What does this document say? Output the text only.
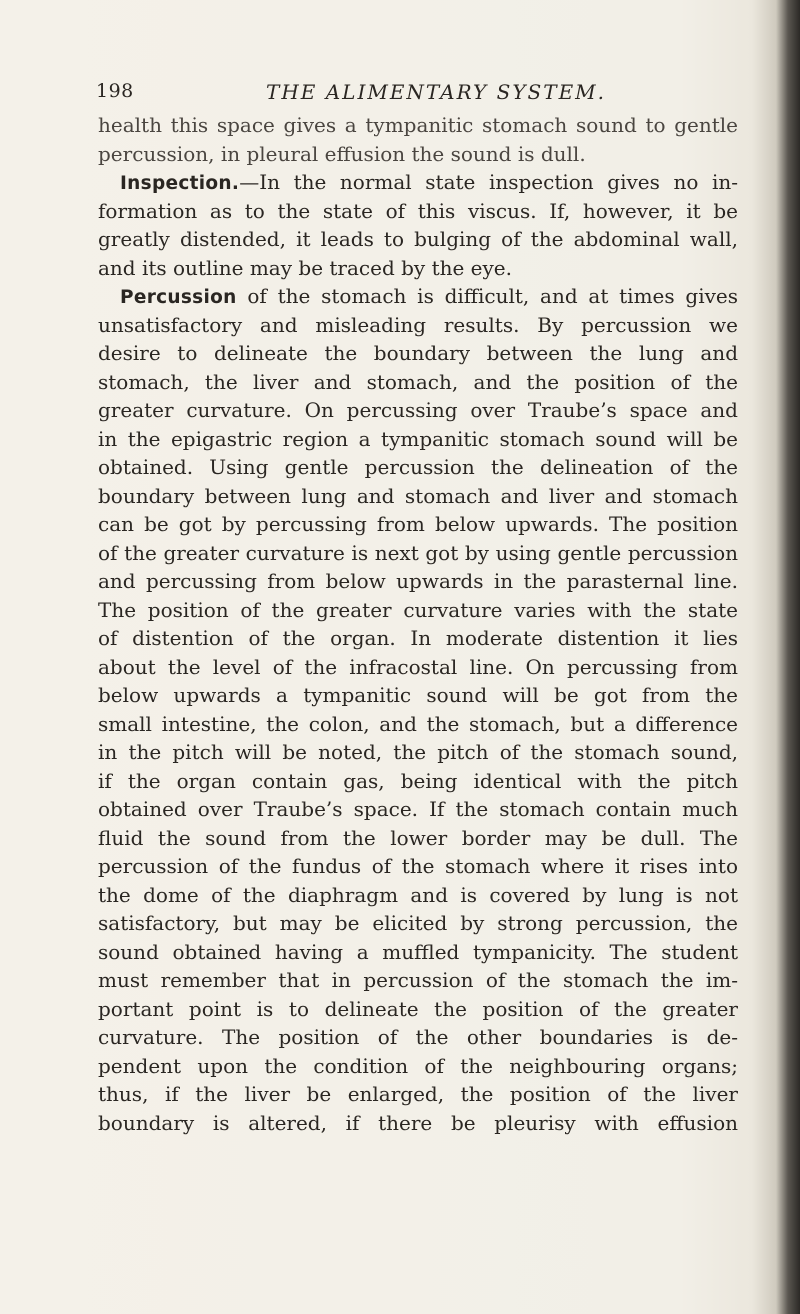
198	THE ALIMENTARY SYSTEM.
health this space gives a tympanitic stomach sound to gentle
percussion, in pleural effusion the sound is dull.
Inspection.—In the normal state inspection gives no in-
formation as to the state of this viscus. If, however, it be
greatly distended, it leads to bulging of the abdominal wall,
and its outline may be traced by the eye.
Percussion of the stomach is difficult, and at times gives
unsatisfactory and misleading results. By percussion we
desire to delineate the boundary between the lung and
stomach, the liver and stomach, and the position of the
greater curvature. On percussing over Traube’s space and
in the epigastric region a tympanitic stomach sound will be
obtained. Using gentle percussion the delineation of the
boundary between lung and stomach and liver and stomach
can be got by percussing from below upwards. The position
of the greater curvature is next got by using gentle percussion
and percussing from below upwards in the parasternal line.
The position of the greater curvature varies with the state
of distention of the organ. In moderate distention it lies
about the level of the infracostal line. On percussing from
below upwards a tympanitic sound will be got from the
small intestine, the colon, and the stomach, but a difference
in the pitch will be noted, the pitch of the stomach sound,
if the organ contain gas, being identical with the pitch
obtained over Traube’s space. If the stomach contain much
fluid the sound from the lower border may be dull. The
percussion of the fundus of the stomach where it rises into
the dome of the diaphragm and is covered by lung is not
satisfactory, but may be elicited by strong percussion, the
sound obtained having a muffled tympanicity. The student
must remember that in percussion of the stomach the im-
portant point is to delineate the position of the greater
curvature. The position of the other boundaries is de-
pendent upon the condition of the neighbouring organs;
thus, if the liver be enlarged, the position of the liver
boundary is altered, if there be pleurisy with effusion
